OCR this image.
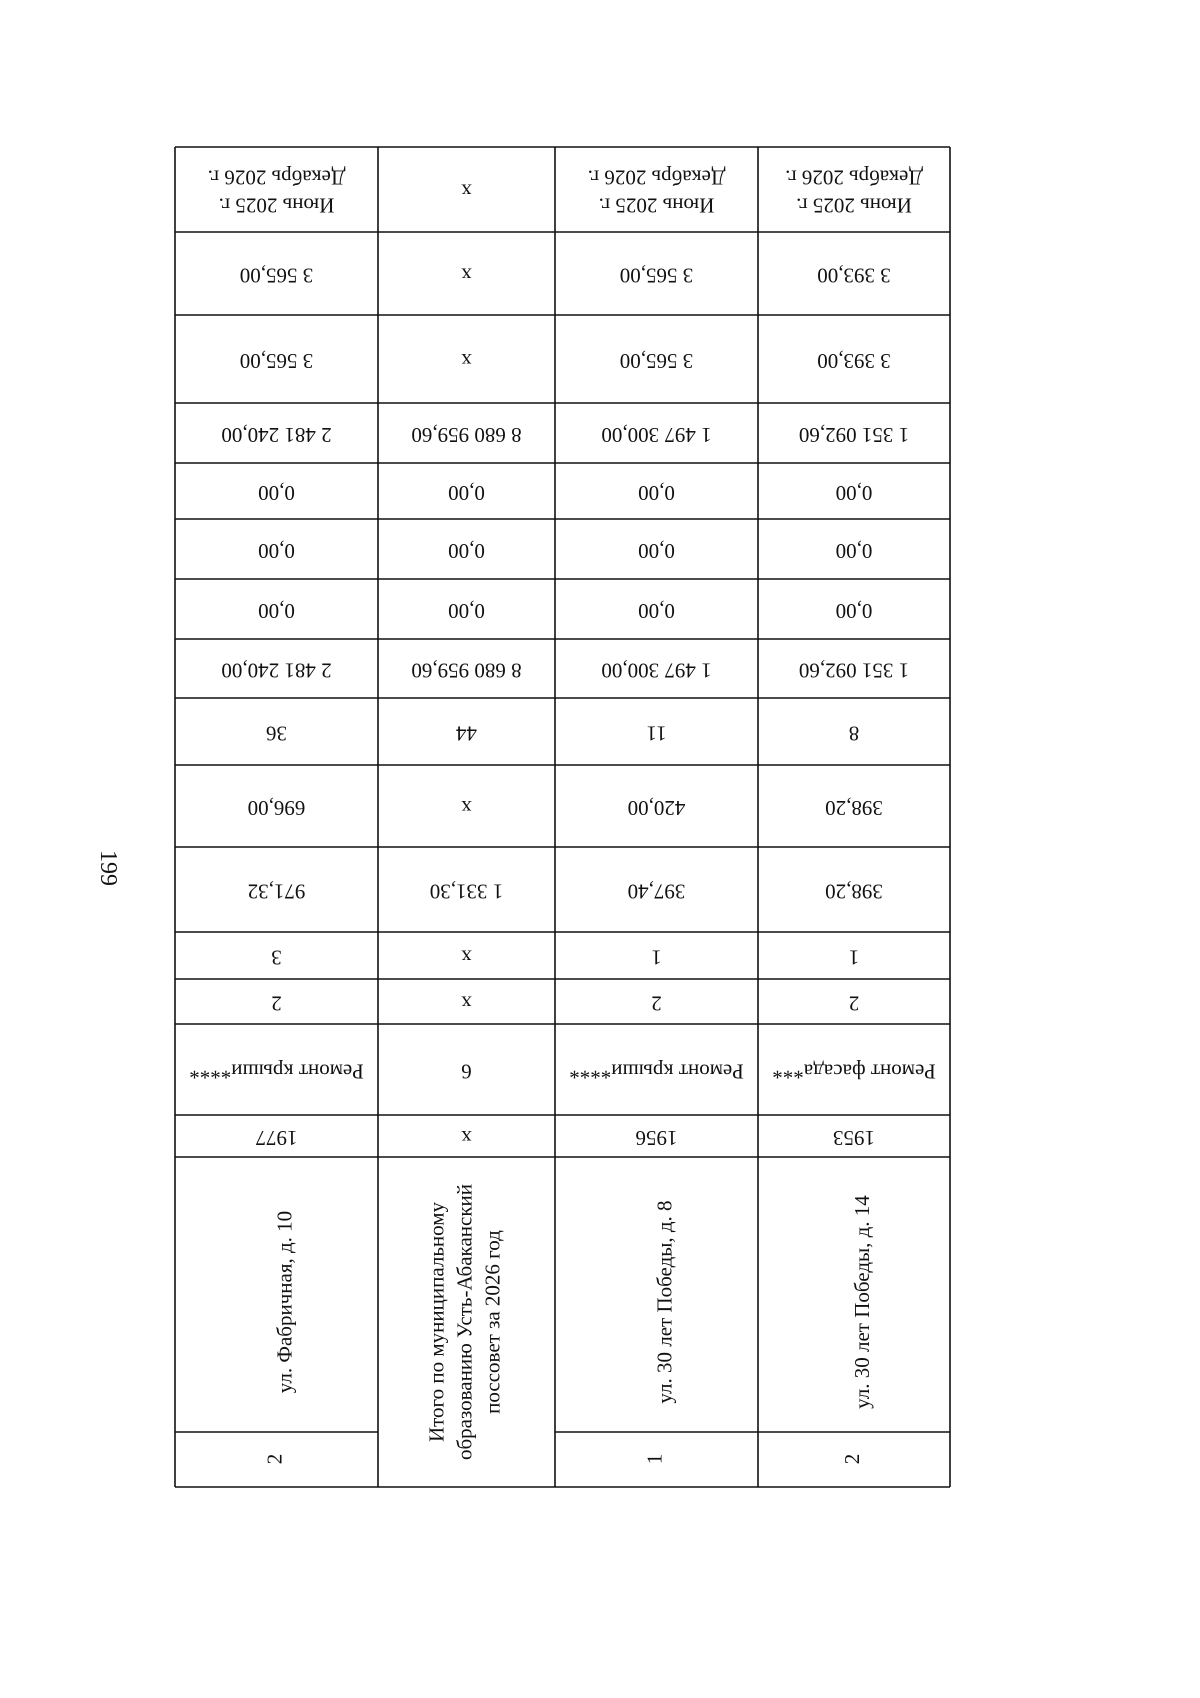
199
Июнь 2025 г.
Декабрь 2026 г.
3 565,00
3 565,00
2 481 240,00
0,00
0,00
0,00
2 481 240,00
36
696,00
971,32
3
2
Ремонт крыши****
1977
ул. Фабричная, д. 10
2
х
х
х
8 680 959,60
0,00
0,00
0,00
8 680 959,60
44
х
1 331,30
х
х
6
х
Итого по муниципальному образованию Усть-Абаканский поссовет за 2026 год
Июнь 2025 г.
Декабрь 2026 г.
3 565,00
3 565,00
1 497 300,00
0,00
0,00
0,00
1 497 300,00
11
420,00
397,40
1
2
Ремонт крыши****
1956
ул. 30 лет Победы, д. 8
1
Июнь 2025 г.
Декабрь 2026 г.
3 393,00
3 393,00
1 351 092,60
0,00
0,00
0,00
1 351 092,60
8
398,20
398,20
1
2
Ремонт фасада***
1953
ул. 30 лет Победы, д. 14
2
